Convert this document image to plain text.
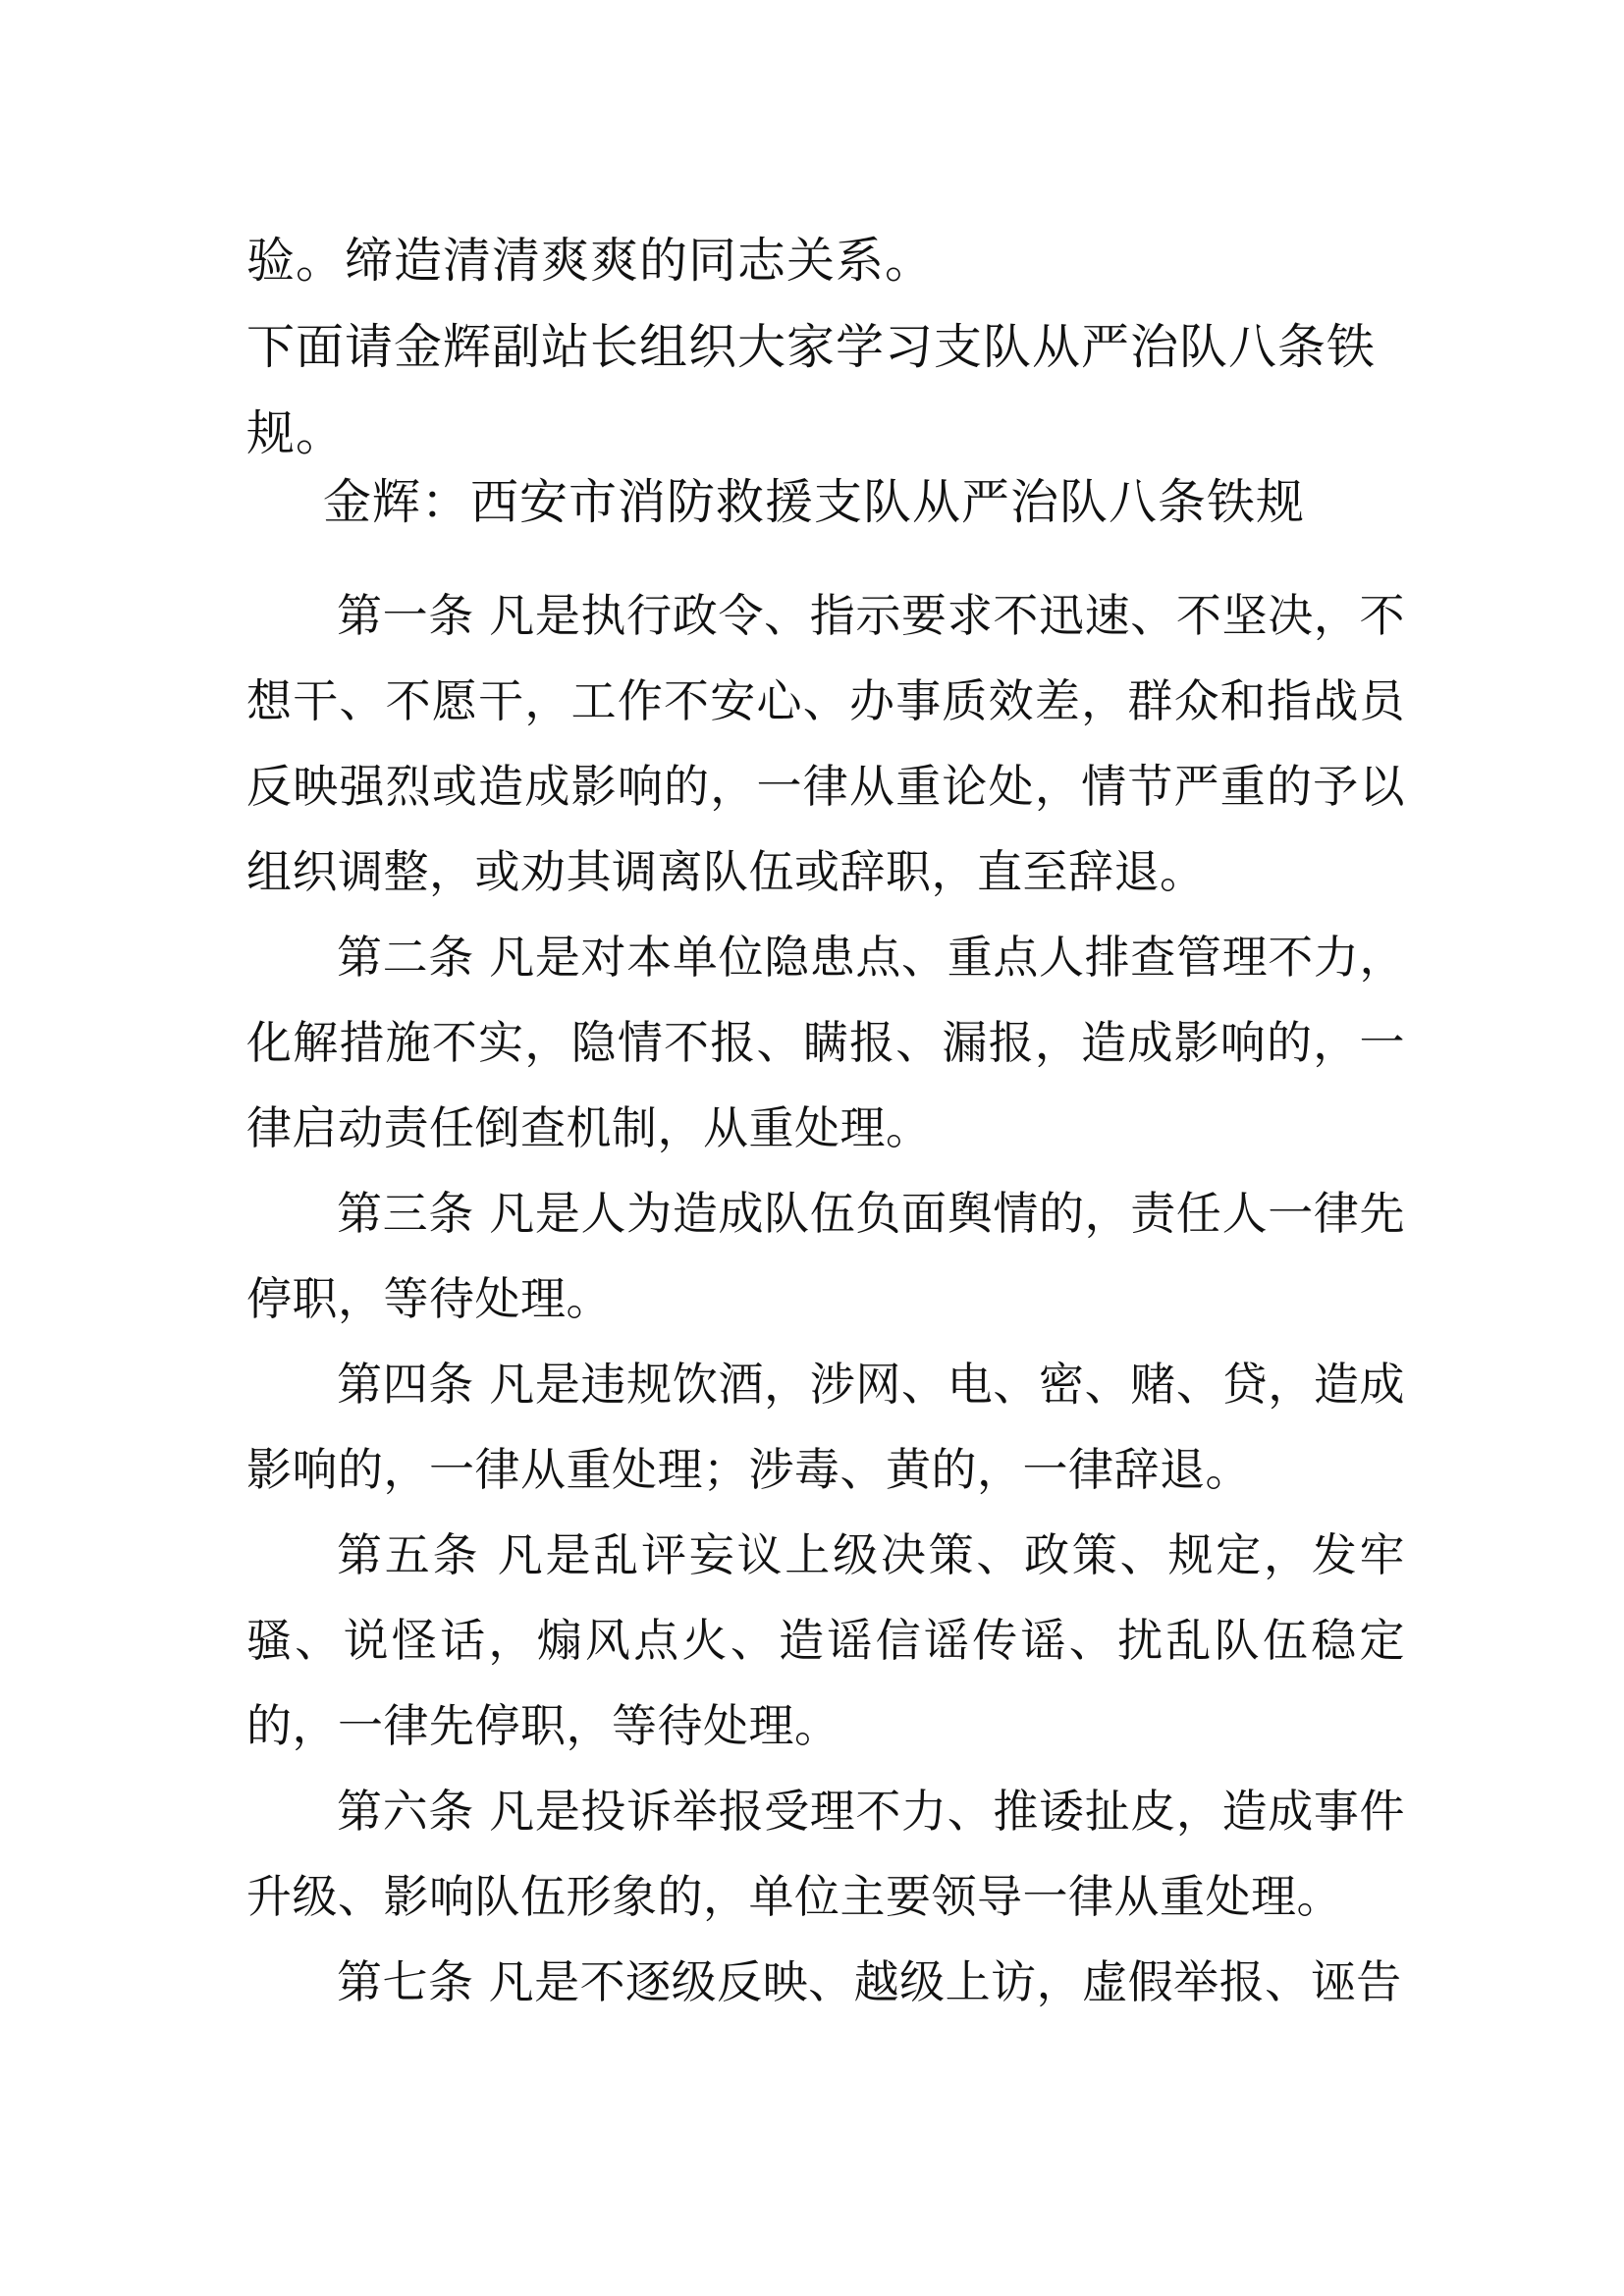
验。缔造清清爽爽的同志关系。
下面请金辉副站长组织大家学习支队从严治队八条铁
规。
金辉：西安市消防救援支队从严治队八条铁规

第一条 凡是执行政令、指示要求不迅速、不坚决，不想干、不愿干，工作不安心、办事质效差，群众和指战员反映强烈或造成影响的，一律从重论处，情节严重的予以组织调整，或劝其调离队伍或辞职，直至辞退。

第二条 凡是对本单位隐患点、重点人排查管理不力，化解措施不实，隐情不报、瞒报、漏报，造成影响的，一律启动责任倒查机制，从重处理。

第三条 凡是人为造成队伍负面舆情的，责任人一律先停职，等待处理。

第四条 凡是违规饮酒，涉网、电、密、赌、贷，造成影响的，一律从重处理；涉毒、黄的，一律辞退。

第五条 凡是乱评妄议上级决策、政策、规定，发牢骚、说怪话，煽风点火、造谣信谣传谣、扰乱队伍稳定的，一律先停职，等待处理。

第六条 凡是投诉举报受理不力、推诿扯皮，造成事件升级、影响队伍形象的，单位主要领导一律从重处理。

第七条 凡是不逐级反映、越级上访，虚假举报、诬告
